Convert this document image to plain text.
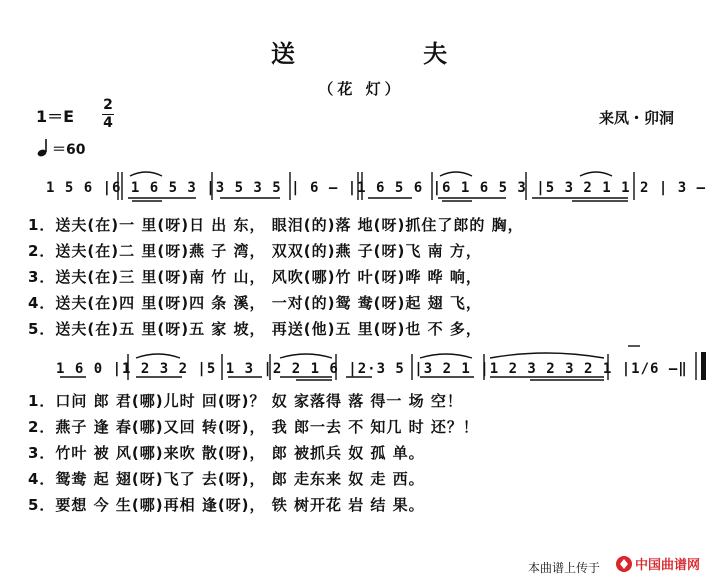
送 夫
（花 灯）
1＝E
2
4	来凤・卯洞
＝60
1 5 6 |6 1 6 5 3 |3 5 3 5 | 6 — |1 6 5 6 |6 1 6 5 3 |5 3 2 1 1 2 | 3 —
1．送夫(在)一 里(呀)日 出 东， 眼泪(的)落 地(呀)抓住了郎的 胸，
2．送夫(在)二 里(呀)燕 子 湾， 双双(的)燕 子(呀)飞 南 方，
3．送夫(在)三 里(呀)南 竹 山， 风吹(哪)竹 叶(呀)哗 哗 响，
4．送夫(在)四 里(呀)四 条 溪， 一对(的)鸳 鸯(呀)起 翅 飞，
5．送夫(在)五 里(呀)五 家 坡， 再送(他)五 里(呀)也 不 多，
1 6 0 |1 2 3 2 |5 1 3 |2 2 1 6 |2·3 5 |3 2 1 |1 2 3 2 3 2 1 |1/6 —‖
1．口问 郎 君(哪)儿时 回(呀)？ 奴 家落得 落 得一 场 空！
2．燕子 逢 春(哪)又回 转(呀)， 我 郎一去 不 知几 时 还？！
3．竹叶 被 风(哪)来吹 散(呀)， 郎 被抓兵 奴 孤 单。
4．鸳鸯 起 翅(呀)飞了 去(呀)， 郎 走东来 奴 走 西。
5．要想 今 生(哪)再相 逢(呀)， 铁 树开花 岩 结 果。
本曲谱上传于	中国曲谱网
